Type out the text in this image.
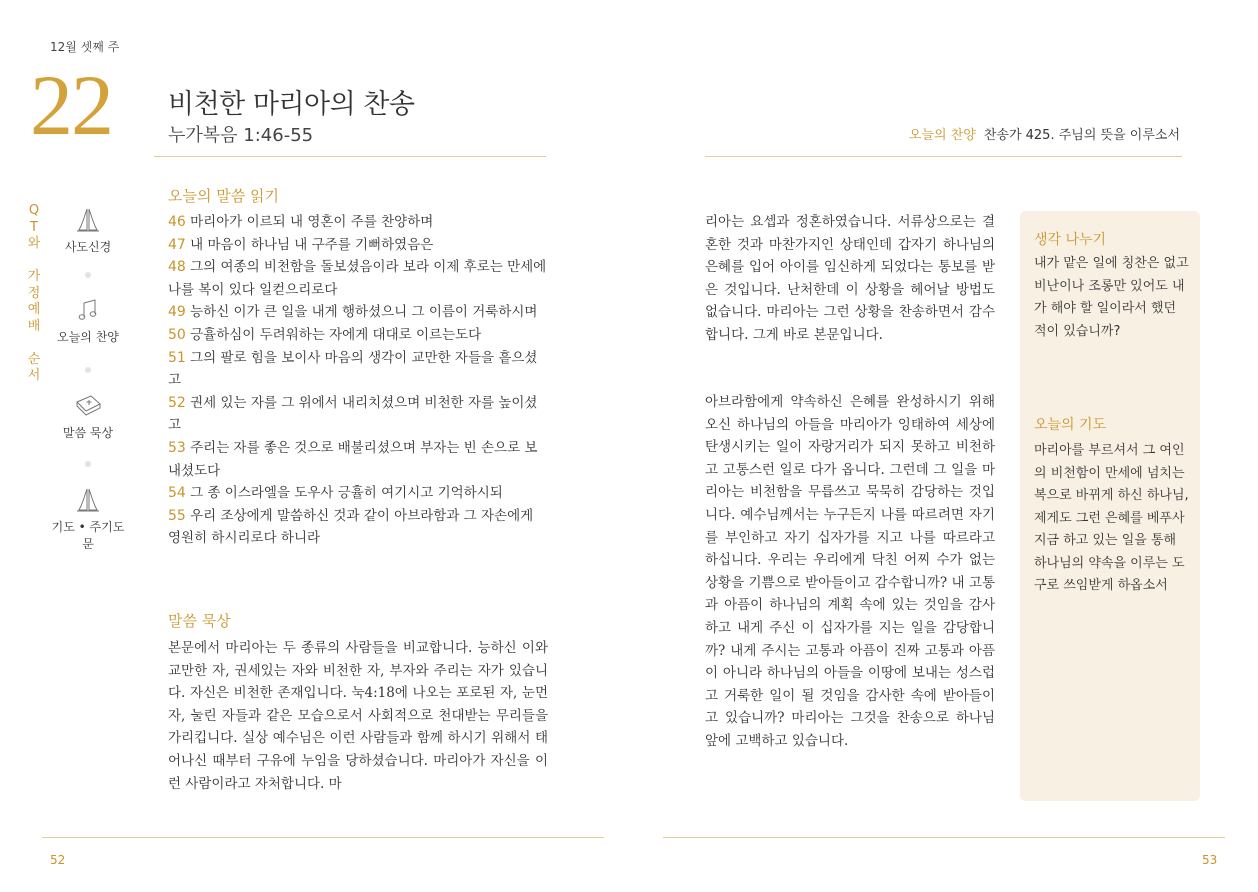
12월 셋째 주
22 비천한 마리아의 찬송
누가복음 1:46-55	오늘의 찬양 찬송가 425. 주님의 뜻을 이루소서
Q
T
와

가
정
예
배

순
서
사도신경
오늘의 찬양
말씀 묵상
기도 • 주기도문
오늘의 말씀 읽기
46 마리아가 이르되 내 영혼이 주를 찬양하며
47 내 마음이 하나님 내 구주를 기뻐하였음은
48 그의 여종의 비천함을 돌보셨음이라 보라 이제 후로는 만세에 나를 복이 있다 일컫으리로다
49 능하신 이가 큰 일을 내게 행하셨으니 그 이름이 거룩하시며
50 긍휼하심이 두려워하는 자에게 대대로 이르는도다
51 그의 팔로 힘을 보이사 마음의 생각이 교만한 자들을 흩으셨고
52 권세 있는 자를 그 위에서 내리치셨으며 비천한 자를 높이셨고
53 주리는 자를 좋은 것으로 배불리셨으며 부자는 빈 손으로 보내셨도다
54 그 종 이스라엘을 도우사 긍휼히 여기시고 기억하시되
55 우리 조상에게 말씀하신 것과 같이 아브라함과 그 자손에게 영원히 하시리로다 하니라
말씀 묵상

본문에서 마리아는 두 종류의 사람들을 비교합니다. 능하신 이와 교만한 자, 권세있는 자와 비천한 자, 부자와 주리는 자가 있습니다. 자신은 비천한 존재입니다. 눅4:18에 나오는 포로된 자, 눈먼 자, 눌린 자들과 같은 모습으로서 사회적으로 천대받는 무리들을 가리킵니다. 실상 예수님은 이런 사람들과 함께 하시기 위해서 태어나신 때부터 구유에 누임을 당하셨습니다. 마리아가 자신을 이런 사람이라고 자처합니다. 마

리아는 요셉과 정혼하였습니다. 서류상으로는 결혼한 것과 마찬가지인 상태인데 갑자기 하나님의 은혜를 입어 아이를 임신하게 되었다는 통보를 받은 것입니다. 난처한데 이 상황을 헤어날 방법도 없습니다. 마리아는 그런 상황을 찬송하면서 감수합니다. 그게 바로 본문입니다.

아브라함에게 약속하신 은혜를 완성하시기 위해 오신 하나님의 아들을 마리아가 잉태하여 세상에 탄생시키는 일이 자랑거리가 되지 못하고 비천하고 고통스런 일로 다가 옵니다. 그런데 그 일을 마리아는 비천함을 무릅쓰고 묵묵히 감당하는 것입니다. 예수님께서는 누구든지 나를 따르려면 자기를 부인하고 자기 십자가를 지고 나를 따르라고 하십니다. 우리는 우리에게 닥친 어찌 수가 없는 상황을 기쁨으로 받아들이고 감수합니까? 내 고통과 아픔이 하나님의 계획 속에 있는 것임을 감사하고 내게 주신 이 십자가를 지는 일을 감당합니까? 내게 주시는 고통과 아픔이 진짜 고통과 아픔이 아니라 하나님의 아들을 이땅에 보내는 성스럽고 거룩한 일이 될 것임을 감사한 속에 받아들이고 있습니까? 마리아는 그것을 찬송으로 하나님 앞에 고백하고 있습니다.

생각 나누기
내가 맡은 일에 칭찬은 없고 비난이나 조롱만 있어도 내가 해야 할 일이라서 했던 적이 있습니까?
오늘의 기도
마리아를 부르셔서 그 여인의 비천함이 만세에 넘치는 복으로 바뀌게 하신 하나님, 제게도 그런 은혜를 베푸사 지금 하고 있는 일을 통해 하나님의 약속을 이루는 도구로 쓰임받게 하옵소서
52	53
